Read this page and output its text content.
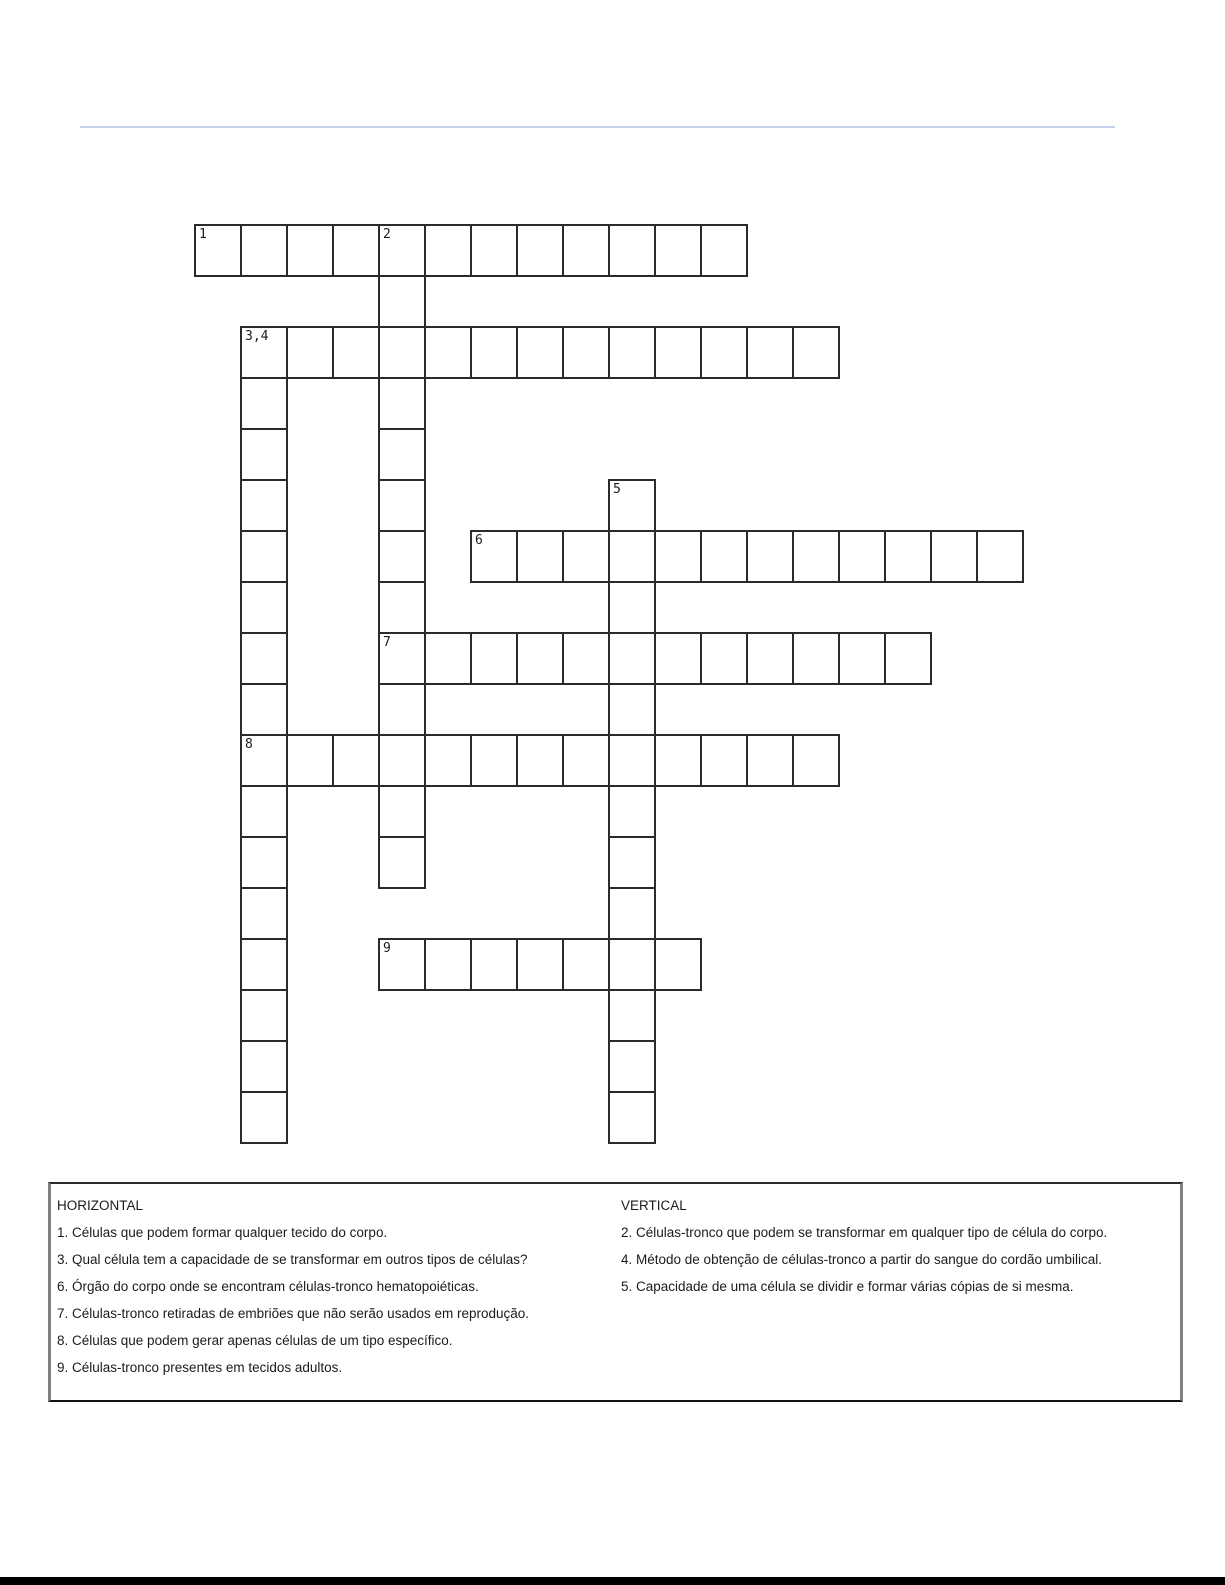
1	2
3,4
5
6
7
8
9
HORIZONTAL
1. Células que podem formar qualquer tecido do corpo.
3. Qual célula tem a capacidade de se transformar em outros tipos de células?
6. Órgão do corpo onde se encontram células-tronco hematopoiéticas.
7. Células-tronco retiradas de embriões que não serão usados em reprodução.
8. Células que podem gerar apenas células de um tipo específico.
9. Células-tronco presentes em tecidos adultos.
VERTICAL
2. Células-tronco que podem se transformar em qualquer tipo de célula do corpo.
4. Método de obtenção de células-tronco a partir do sangue do cordão umbilical.
5. Capacidade de uma célula se dividir e formar várias cópias de si mesma.
